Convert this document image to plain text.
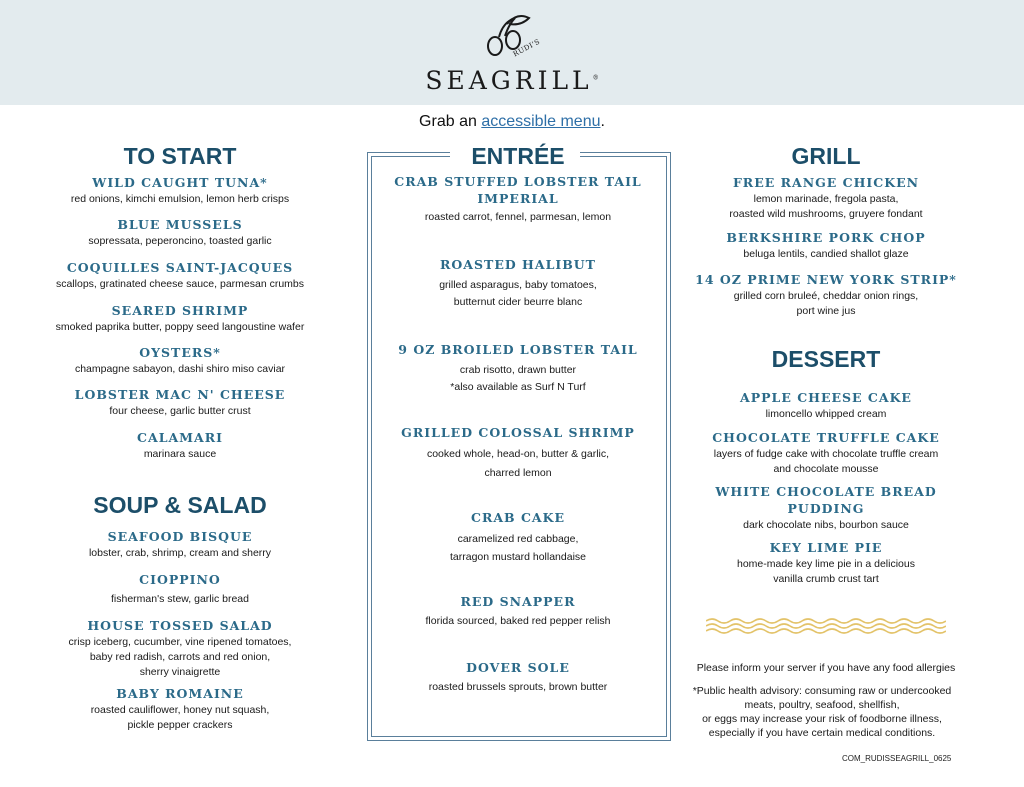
RUDI'S
SEAGRILL®
Grab an accessible menu.
TO START
WILD CAUGHT TUNA*
red onions, kimchi emulsion, lemon herb crisps
BLUE MUSSELS
sopressata, peperoncino, toasted garlic
COQUILLES SAINT-JACQUES
scallops, gratinated cheese sauce, parmesan crumbs
SEARED SHRIMP
smoked paprika butter, poppy seed langoustine wafer
OYSTERS*
champagne sabayon, dashi shiro miso caviar
LOBSTER MAC N' CHEESE
four cheese, garlic butter crust
CALAMARI
marinara sauce
SOUP & SALAD
SEAFOOD BISQUE
lobster, crab, shrimp, cream and sherry
CIOPPINO
fisherman's stew, garlic bread
HOUSE TOSSED SALAD
crisp iceberg, cucumber, vine ripened tomatoes,
baby red radish, carrots and red onion,
sherry vinaigrette
BABY ROMAINE
roasted cauliflower, honey nut squash,
pickle pepper crackers
ENTRÉE
CRAB STUFFED LOBSTER TAIL
IMPERIAL
roasted carrot, fennel, parmesan, lemon
ROASTED HALIBUT
grilled asparagus, baby tomatoes,
butternut cider beurre blanc
9 OZ BROILED LOBSTER TAIL
crab risotto, drawn butter
*also available as Surf N Turf
GRILLED COLOSSAL SHRIMP
cooked whole, head-on, butter & garlic,
charred lemon
CRAB CAKE
caramelized red cabbage,
tarragon mustard hollandaise
RED SNAPPER
florida sourced, baked red pepper relish
DOVER SOLE
roasted brussels sprouts, brown butter
GRILL
FREE RANGE CHICKEN
lemon marinade, fregola pasta,
roasted wild mushrooms, gruyere fondant
BERKSHIRE PORK CHOP
beluga lentils, candied shallot glaze
14 OZ PRIME NEW YORK STRIP*
grilled corn bruleé, cheddar onion rings,
port wine jus
DESSERT
APPLE CHEESE CAKE
limoncello whipped cream
CHOCOLATE TRUFFLE CAKE
layers of fudge cake with chocolate truffle cream
and chocolate mousse
WHITE CHOCOLATE BREAD
PUDDING
dark chocolate nibs, bourbon sauce
KEY LIME PIE
home-made key lime pie in a delicious
vanilla crumb crust tart
Please inform your server if you have any food allergies
*Public health advisory: consuming raw or undercooked
meats, poultry, seafood, shellfish,
or eggs may increase your risk of foodborne illness,
especially if you have certain medical conditions.
COM_RUDISSEAGRILL_0625
